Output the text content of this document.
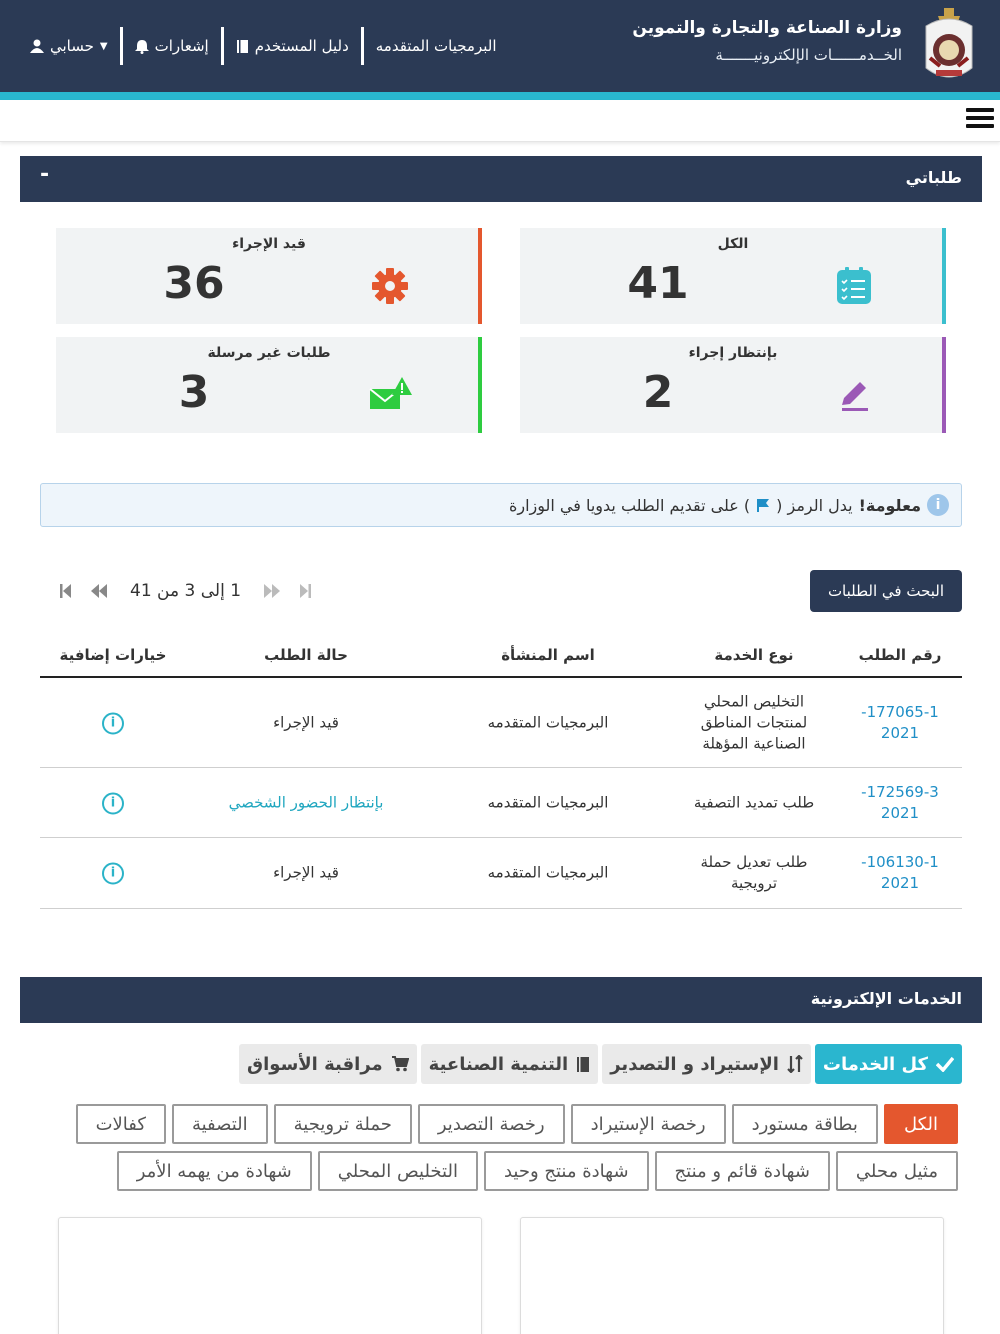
وزارة الصناعة والتجارة والتموين
الخــدمــــــات الإلكترونيـــــــة
▼
حسابي	إشعارات	دليل المستخدم البرمجيات المتقدمه
طلباتي
-
الكل
41
قيد الإجراء
36
بإنتظار إجراء
2
طلبات غير مرسلة
3
i
معلومة!
يدل الرمز (
) على تقديم الطلب يدويا في الوزارة
البحث في الطلبات
1 إلى 3 من 41
رقم الطلب
نوع الخدمة
اسم المنشأة
حالة الطلب
خيارات إضافية
177065-1-
2021
التخليص المحلي
لمنتجات المناطق
الصناعية المؤهلة
البرمجيات المتقدمه
قيد الإجراء
i
172569-3-
2021
طلب تمديد التصفية
البرمجيات المتقدمه
بإنتظار الحضور الشخصي
i
106130-1-
2021
طلب تعديل حملة
ترويجية
البرمجيات المتقدمه
قيد الإجراء
i
الخدمات الإلكترونية
كل الخدمات
الإستيراد و التصدير
التنمية الصناعية
مراقبة الأسواق
الكل
بطاقة مستورد
رخصة الإستيراد
رخصة التصدير
حملة ترويجية
التصفية
كفالات
مثيل محلي
شهادة قائم و منتج
شهادة منتج وحيد
التخليص المحلي
شهادة من يهمه الأمر
